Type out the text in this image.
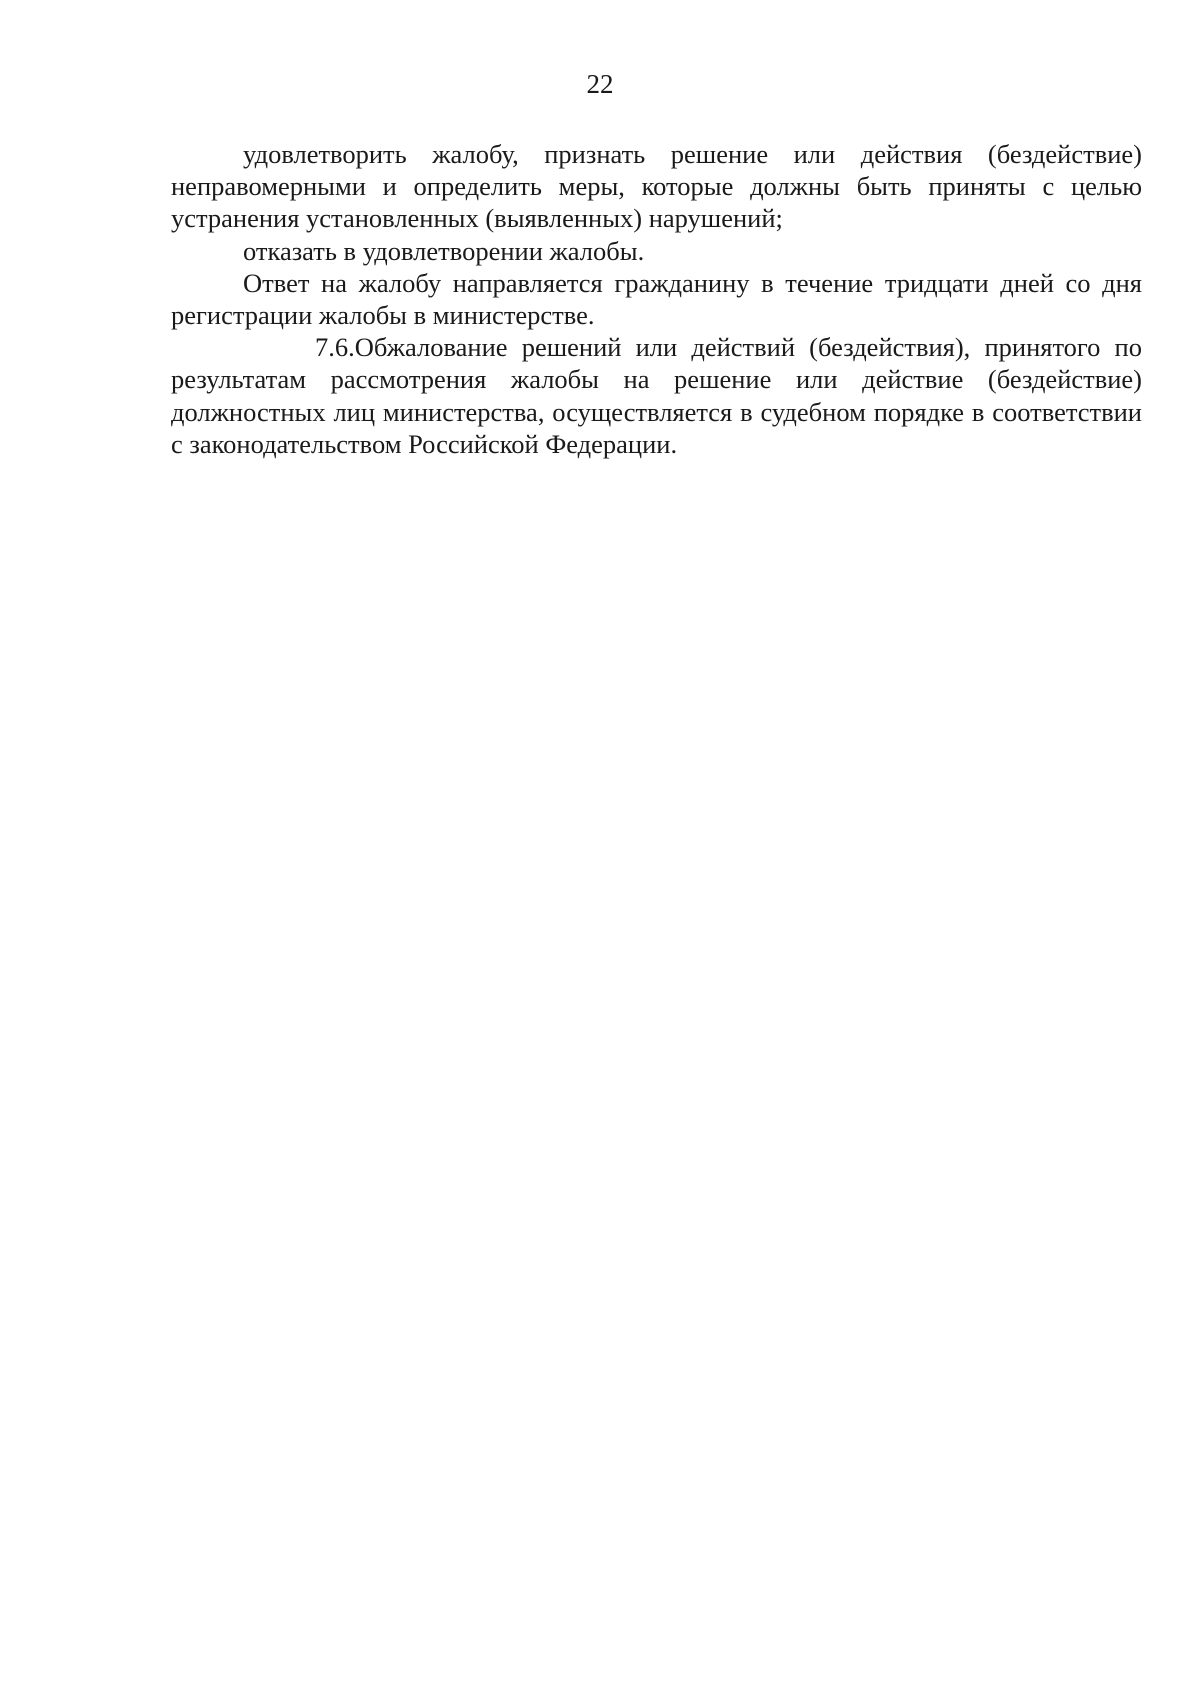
22

удовлетворить жалобу, признать решение или действия (бездействие) неправомерными и определить меры, которые должны быть приняты с целью устранения установленных (выявленных) нарушений;

отказать в удовлетворении жалобы.

Ответ на жалобу направляется гражданину в течение тридцати дней со дня регистрации жалобы в министерстве.

7.6.Обжалование решений или действий (бездействия), принятого по результатам рассмотрения жалобы на решение или действие (бездействие) должностных лиц министерства, осуществляется в судебном порядке в соответствии с законодательством Российской Федерации.
